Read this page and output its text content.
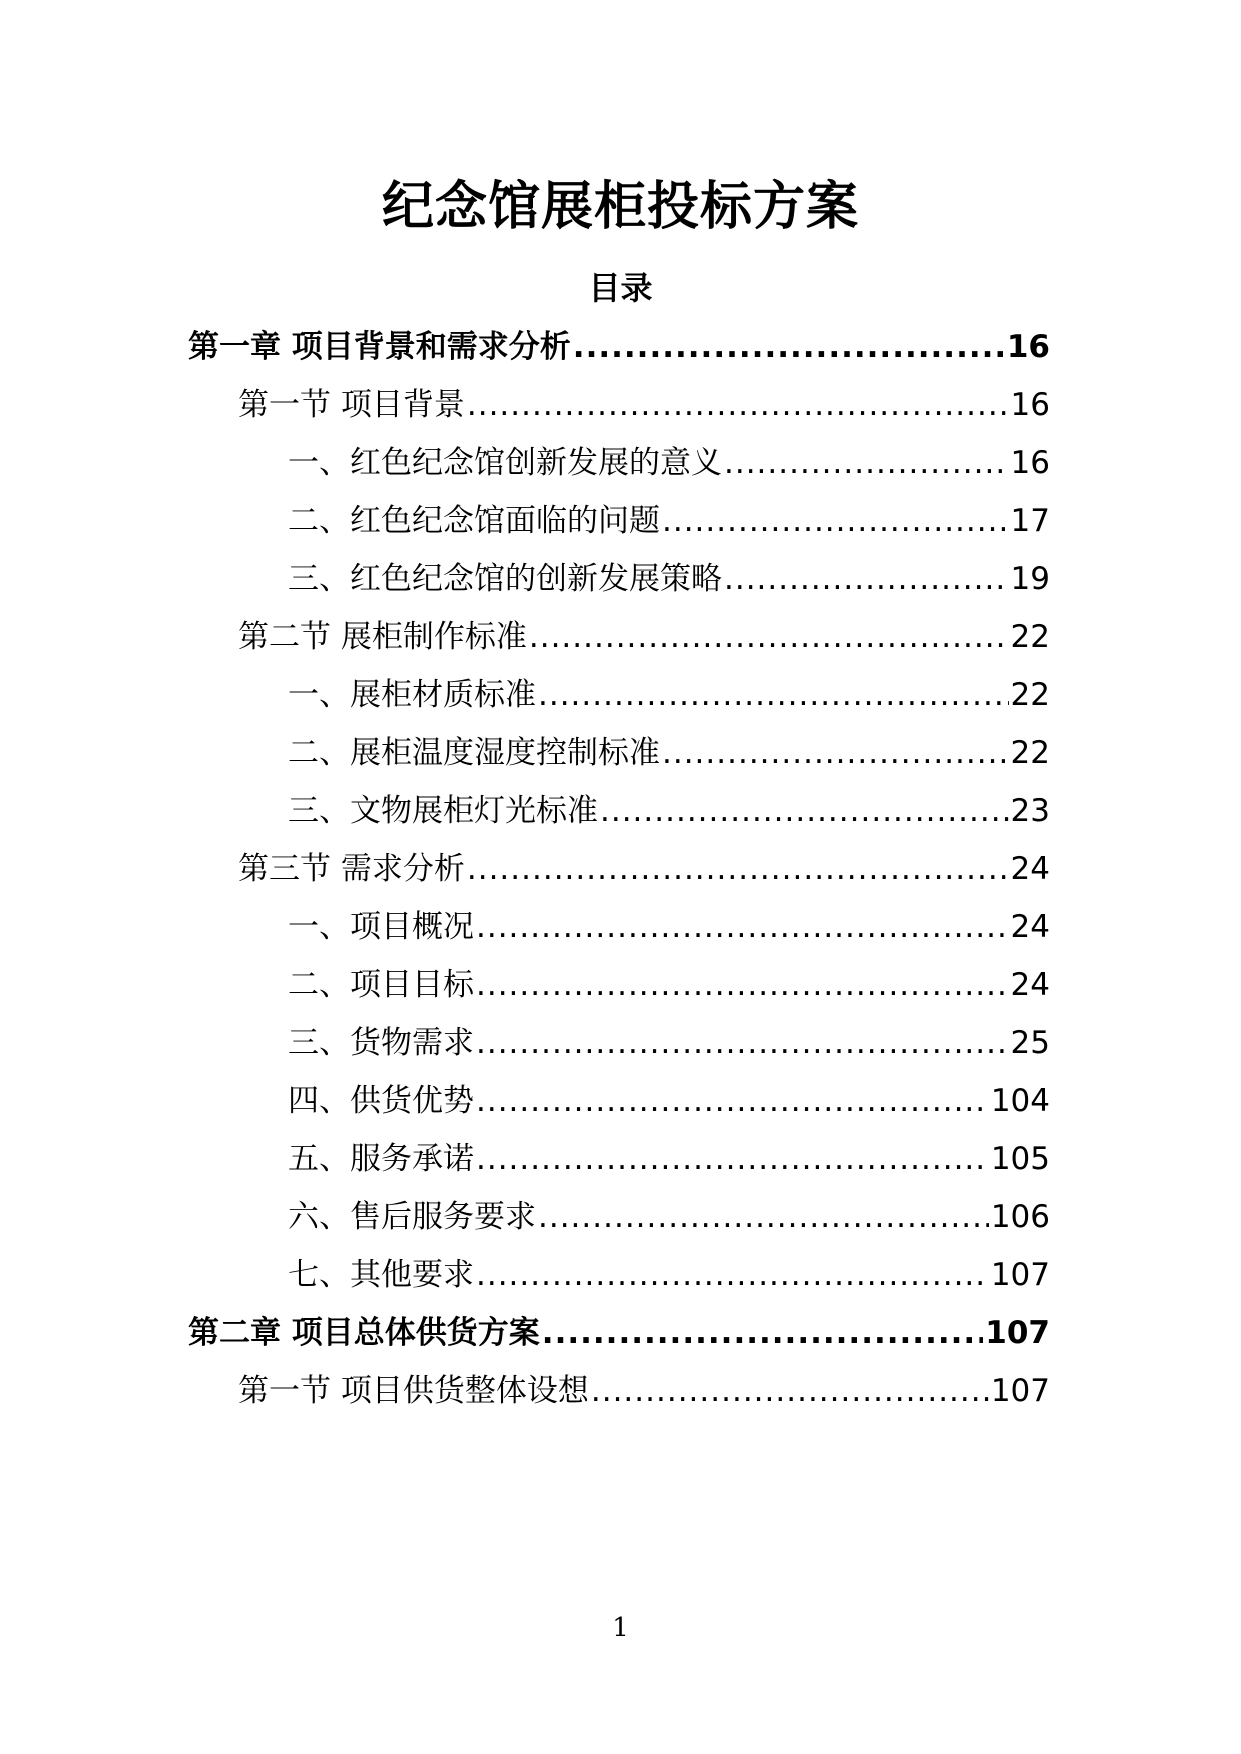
纪念馆展柜投标方案
目录
第一章 项目背景和需求分析 .....	16
第一节 项目背景 .....	16
一、红色纪念馆创新发展的意义 .....	16
二、红色纪念馆面临的问题 .....	17
三、红色纪念馆的创新发展策略 .....	19
第二节 展柜制作标准 .....	22
一、展柜材质标准 .....	22
二、展柜温度湿度控制标准 .....	22
三、文物展柜灯光标准 .....	23
第三节 需求分析 .....	24
一、项目概况 .....	24
二、项目目标 .....	24
三、货物需求 .....	25
四、供货优势 .....	104
五、服务承诺 .....	105
六、售后服务要求 .....	106
七、其他要求 .....	107
第二章 项目总体供货方案 .....	107
第一节 项目供货整体设想 .....	107
1
